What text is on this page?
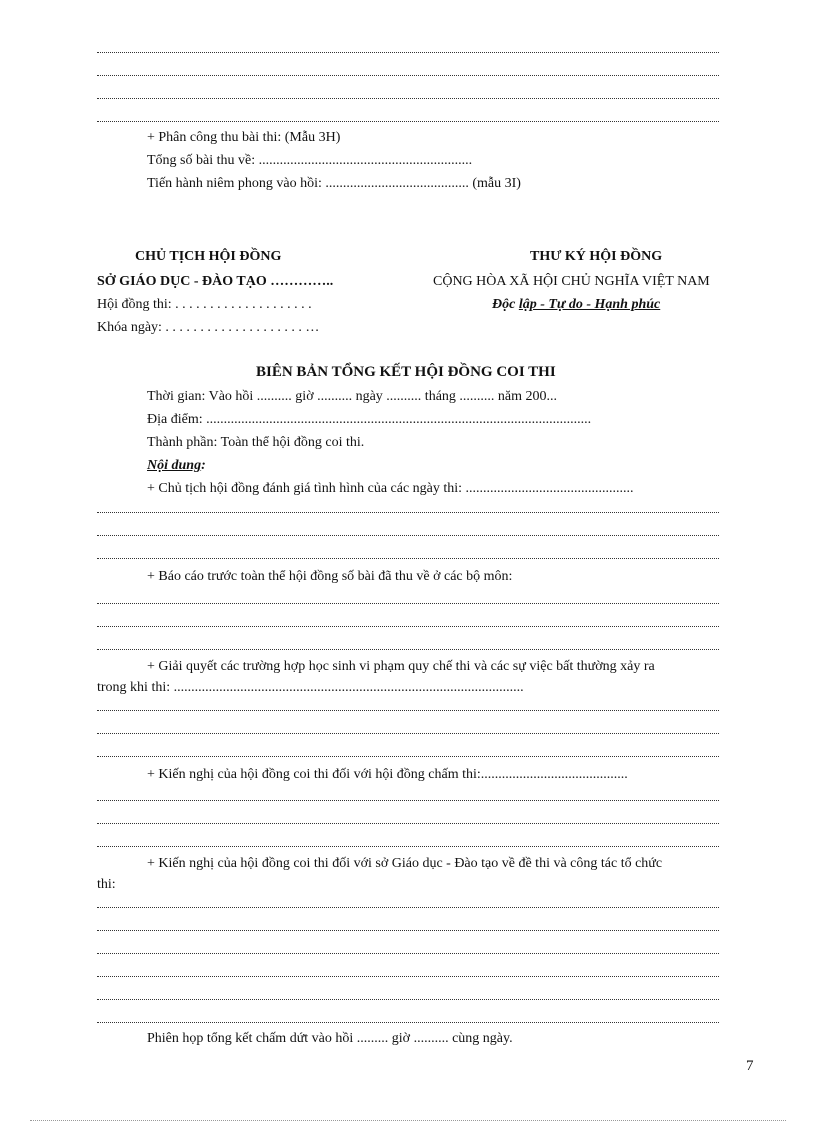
+ Phân công thu bài thi: (Mẫu 3H)
Tổng số bài thu về: .............................................................
Tiến hành niêm phong vào hồi: ......................................... (mẫu 3I)
CHỦ TỊCH HỘI ĐỒNG	THƯ KÝ HỘI ĐỒNG
SỞ GIÁO DỤC - ĐÀO TẠO …………..
Hội đồng thi: . . . . . . . . . . . . . . . . . . . .
Khóa ngày: . . . . . . . . . . . . . . . . . . . . …
CỘNG HÒA XÃ HỘI CHỦ NGHĨA VIỆT NAM
Độc lập - Tự do - Hạnh phúc
BIÊN BẢN TỔNG KẾT HỘI ĐỒNG COI THI
Thời gian: Vào hồi .......... giờ .......... ngày .......... tháng .......... năm 200...
Địa điểm: ..............................................................................................................
Thành phần: Toàn thể hội đồng coi thi.
Nội dung:
+ Chủ tịch hội đồng đánh giá tình hình của các ngày thi: ................................................
+ Báo cáo trước toàn thể hội đồng số bài đã thu về ở các bộ môn:
+ Giải quyết các trường hợp học sinh vi phạm quy chế thi và các sự việc bất thường xảy ra
trong khi thi: ....................................................................................................
+ Kiến nghị của hội đồng coi thi đối với hội đồng chấm thi:..........................................
+ Kiến nghị của hội đồng coi thi đối với sở Giáo dục - Đào tạo về đề thi và công tác tổ chức
thi:
Phiên họp tổng kết chấm dứt vào hồi ......... giờ .......... cùng ngày.
7
